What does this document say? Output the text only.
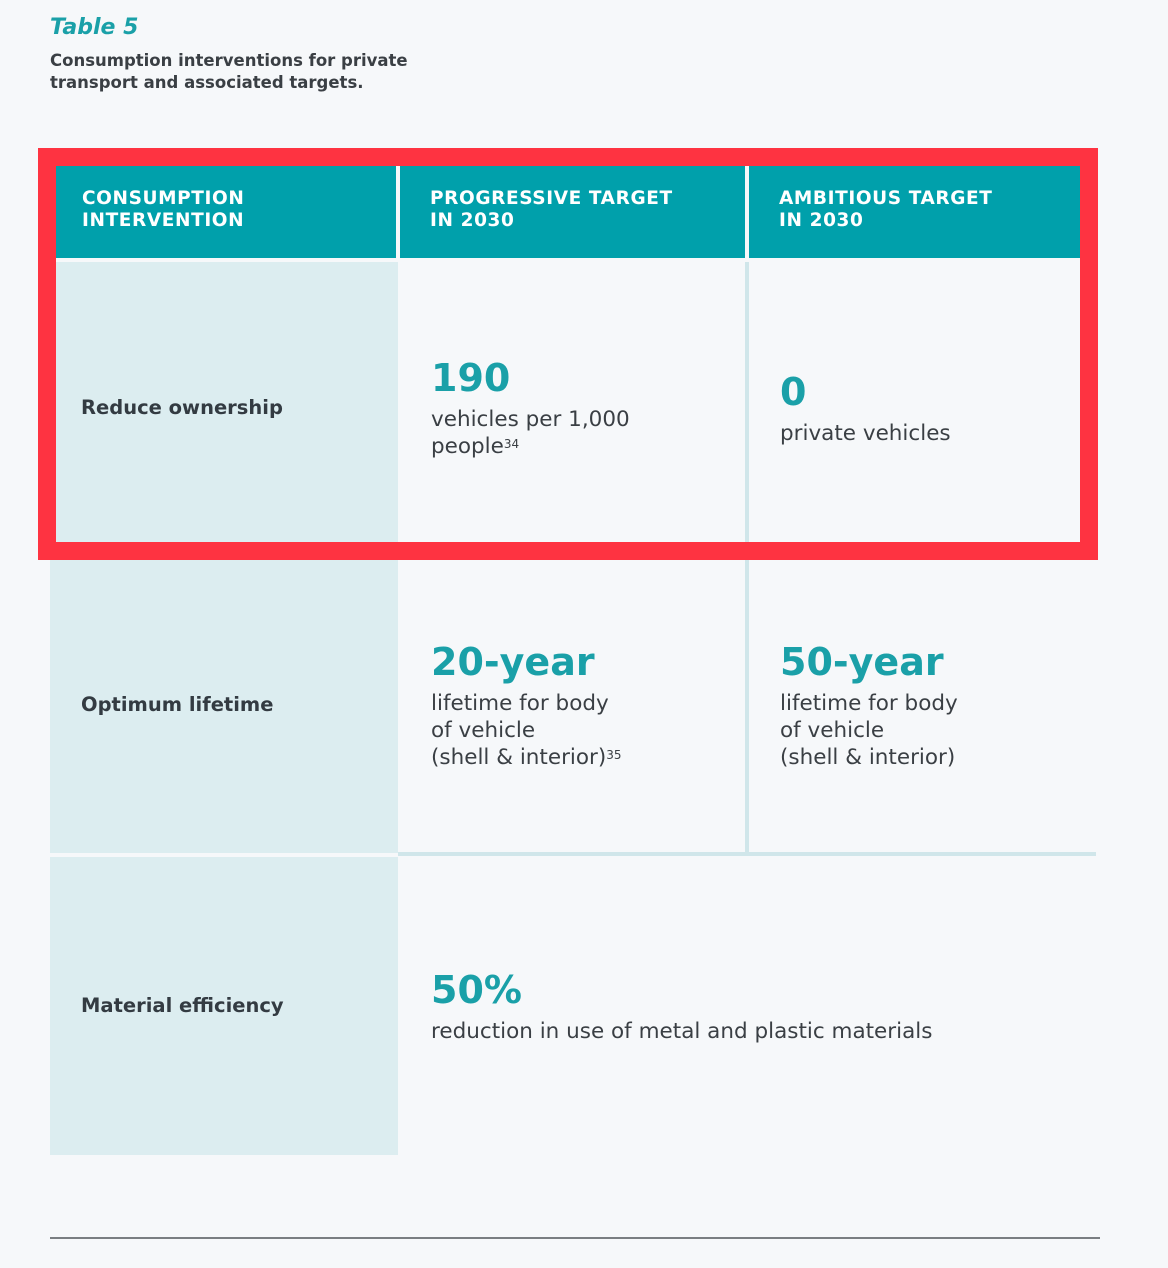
Table 5

Consumption interventions for private transport and associated targets.

CONSUMPTION
INTERVENTION
PROGRESSIVE TARGET
IN 2030
AMBITIOUS TARGET
IN 2030

Reduce ownership

190

vehicles per 1,000
people$^{34}$

0

private vehicles

Optimum lifetime

20-year

lifetime for body
of vehicle
(shell & interior)$^{35}$

50-year

lifetime for body
of vehicle
(shell & interior)

Material efficiency	50%

reduction in use of metal and plastic materials
